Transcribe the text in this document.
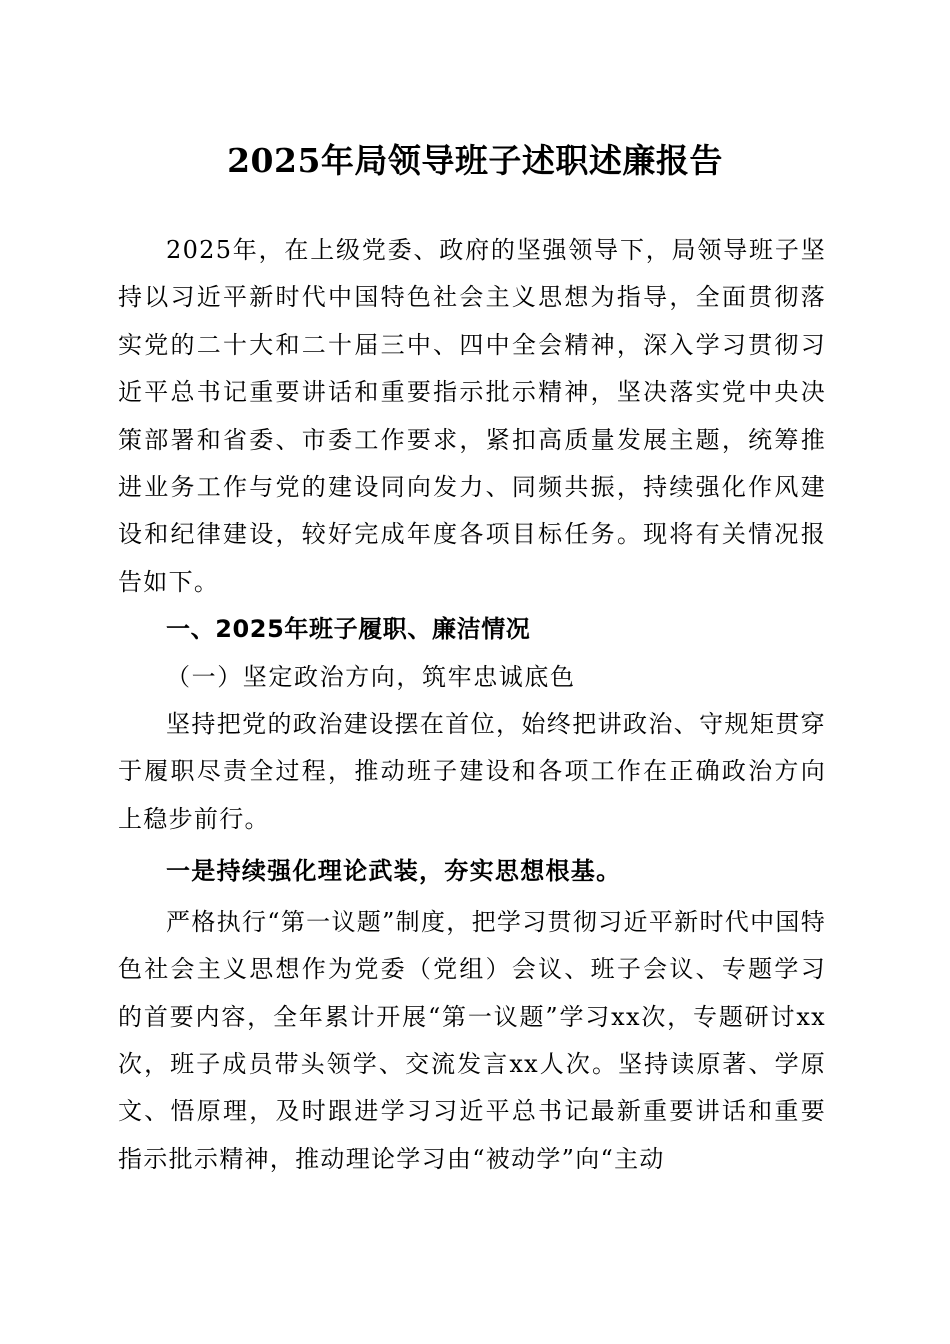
2025年局领导班子述职述廉报告

2025年，在上级党委、政府的坚强领导下，局领导班子坚持以习近平新时代中国特色社会主义思想为指导，全面贯彻落实党的二十大和二十届三中、四中全会精神，深入学习贯彻习近平总书记重要讲话和重要指示批示精神，坚决落实党中央决策部署和省委、市委工作要求，紧扣高质量发展主题，统筹推进业务工作与党的建设同向发力、同频共振，持续强化作风建设和纪律建设，较好完成年度各项目标任务。现将有关情况报告如下。

一、2025年班子履职、廉洁情况

（一）坚定政治方向，筑牢忠诚底色

坚持把党的政治建设摆在首位，始终把讲政治、守规矩贯穿于履职尽责全过程，推动班子建设和各项工作在正确政治方向上稳步前行。

一是持续强化理论武装，夯实思想根基。

严格执行“第一议题”制度，把学习贯彻习近平新时代中国特色社会主义思想作为党委（党组）会议、班子会议、专题学习的首要内容，全年累计开展“第一议题”学习xx次，专题研讨xx次，班子成员带头领学、交流发言xx人次。坚持读原著、学原文、悟原理，及时跟进学习习近平总书记最新重要讲话和重要指示批示精神，推动理论学习由“被动学”向“主动
